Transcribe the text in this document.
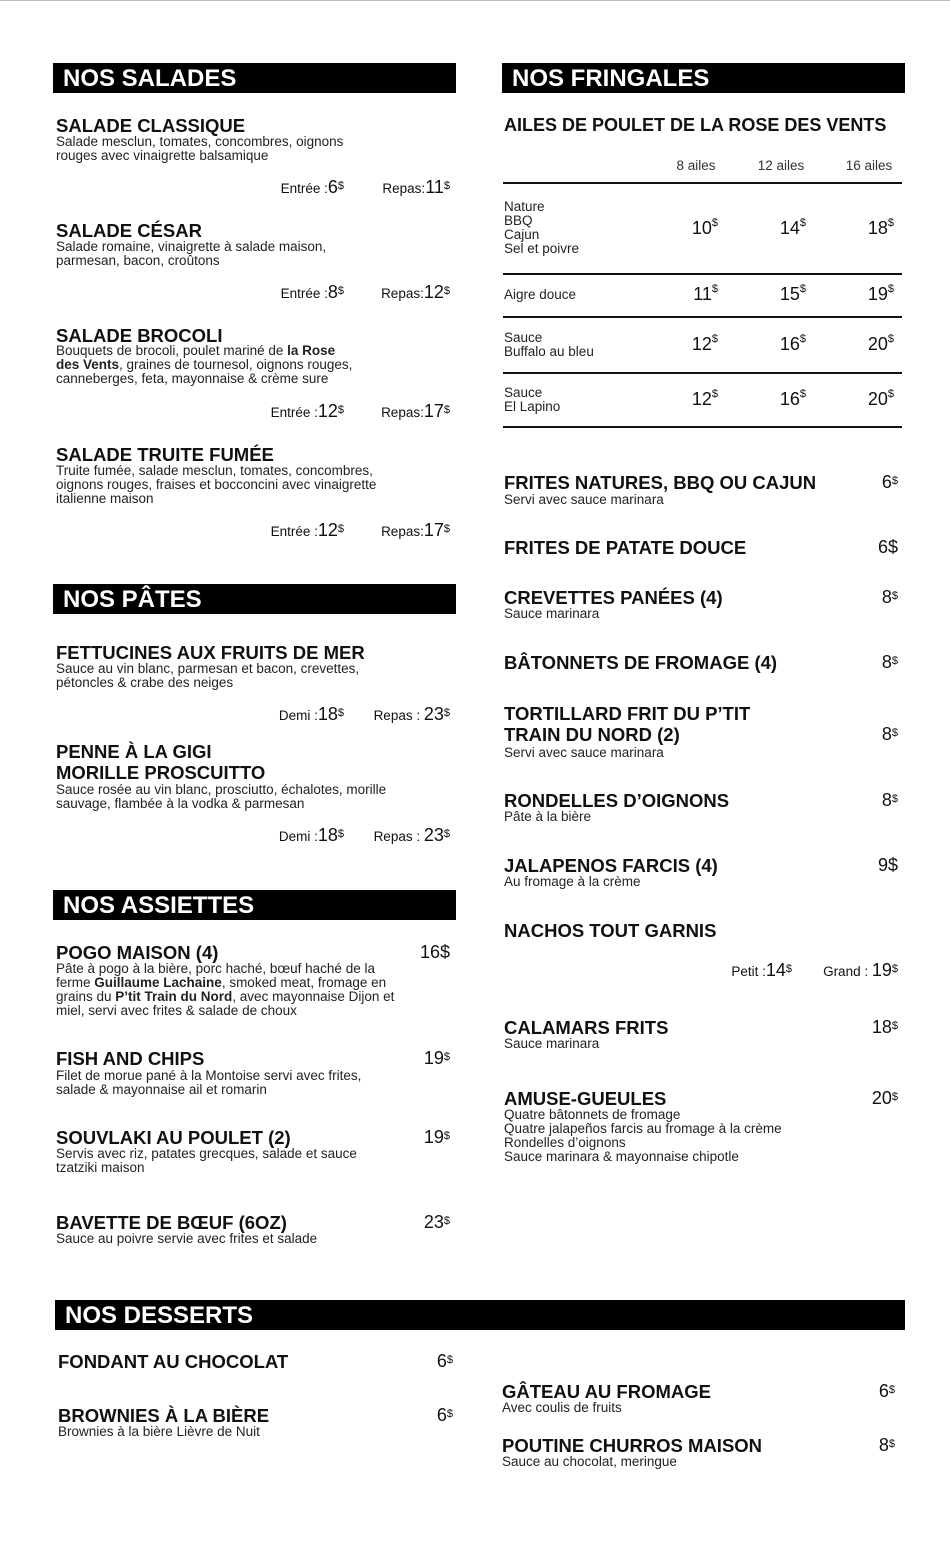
NOS SALADES
SALADE CLASSIQUE
Salade mesclun, tomates, concombres, oignons
rouges avec vinaigrette balsamique
Entrée :6$	Repas:11$
SALADE CÉSAR
Salade romaine, vinaigrette à salade maison,
parmesan, bacon, croûtons
Entrée :8$	Repas:12$
SALADE BROCOLI
Bouquets de brocoli, poulet mariné de la Rose
des Vents, graines de tournesol, oignons rouges,
canneberges, feta, mayonnaise & crème sure
Entrée :12$	Repas:17$
SALADE TRUITE FUMÉE
Truite fumée, salade mesclun, tomates, concombres,
oignons rouges, fraises et bocconcini avec vinaigrette
italienne maison
Entrée :12$	Repas:17$
NOS PÂTES
FETTUCINES AUX FRUITS DE MER
Sauce au vin blanc, parmesan et bacon, crevettes,
pétoncles & crabe des neiges
Demi :18$	Repas : 23$
PENNE À LA GIGI
MORILLE PROSCUITTO
Sauce rosée au vin blanc, prosciutto, échalotes, morille
sauvage, flambée à la vodka & parmesan
Demi :18$	Repas : 23$
NOS ASSIETTES
POGO MAISON (4)	16$
Pâte à pogo à la bière, porc haché, bœuf haché de la
ferme Guillaume Lachaine, smoked meat, fromage en
grains du P’tit Train du Nord, avec mayonnaise Dijon et
miel, servi avec frites & salade de choux
FISH AND CHIPS	19$
Filet de morue pané à la Montoise servi avec frites,
salade & mayonnaise ail et romarin
SOUVLAKI AU POULET (2)	19$
Servis avec riz, patates grecques, salade et sauce
tzatziki maison
BAVETTE DE BŒUF (6OZ)	23$
Sauce au poivre servie avec frites et salade
NOS FRINGALES
AILES DE POULET DE LA ROSE DES VENTS
8 ailes	12 ailes	16 ailes
Nature
BBQ
Cajun
Sel et poivre
10$	14$	18$
Aigre douce	11$	15$	19$
Sauce
Buffalo au bleu	12$	16$	20$
Sauce
El Lapino	12$	16$	20$
FRITES NATURES, BBQ OU CAJUN	6$
Servi avec sauce marinara
FRITES DE PATATE DOUCE	6$
CREVETTES PANÉES (4)	8$
Sauce marinara
BÂTONNETS DE FROMAGE (4)	8$
TORTILLARD FRIT DU P’TIT
TRAIN DU NORD (2)	8$
Servi avec sauce marinara
RONDELLES D’OIGNONS	8$
Pâte à la bière
JALAPENOS FARCIS (4)	9$
Au fromage à la crème
NACHOS TOUT GARNIS
Petit :14$	Grand : 19$
CALAMARS FRITS	18$
Sauce marinara
AMUSE-GUEULES	20$
Quatre bâtonnets de fromage
Quatre jalapeños farcis au fromage à la crème
Rondelles d’oignons
Sauce marinara & mayonnaise chipotle
NOS DESSERTS
FONDANT AU CHOCOLAT	6$
BROWNIES À LA BIÈRE	6$
Brownies à la bière Lièvre de Nuit
GÂTEAU AU FROMAGE	6$
Avec coulis de fruits
POUTINE CHURROS MAISON	8$
Sauce au chocolat, meringue
